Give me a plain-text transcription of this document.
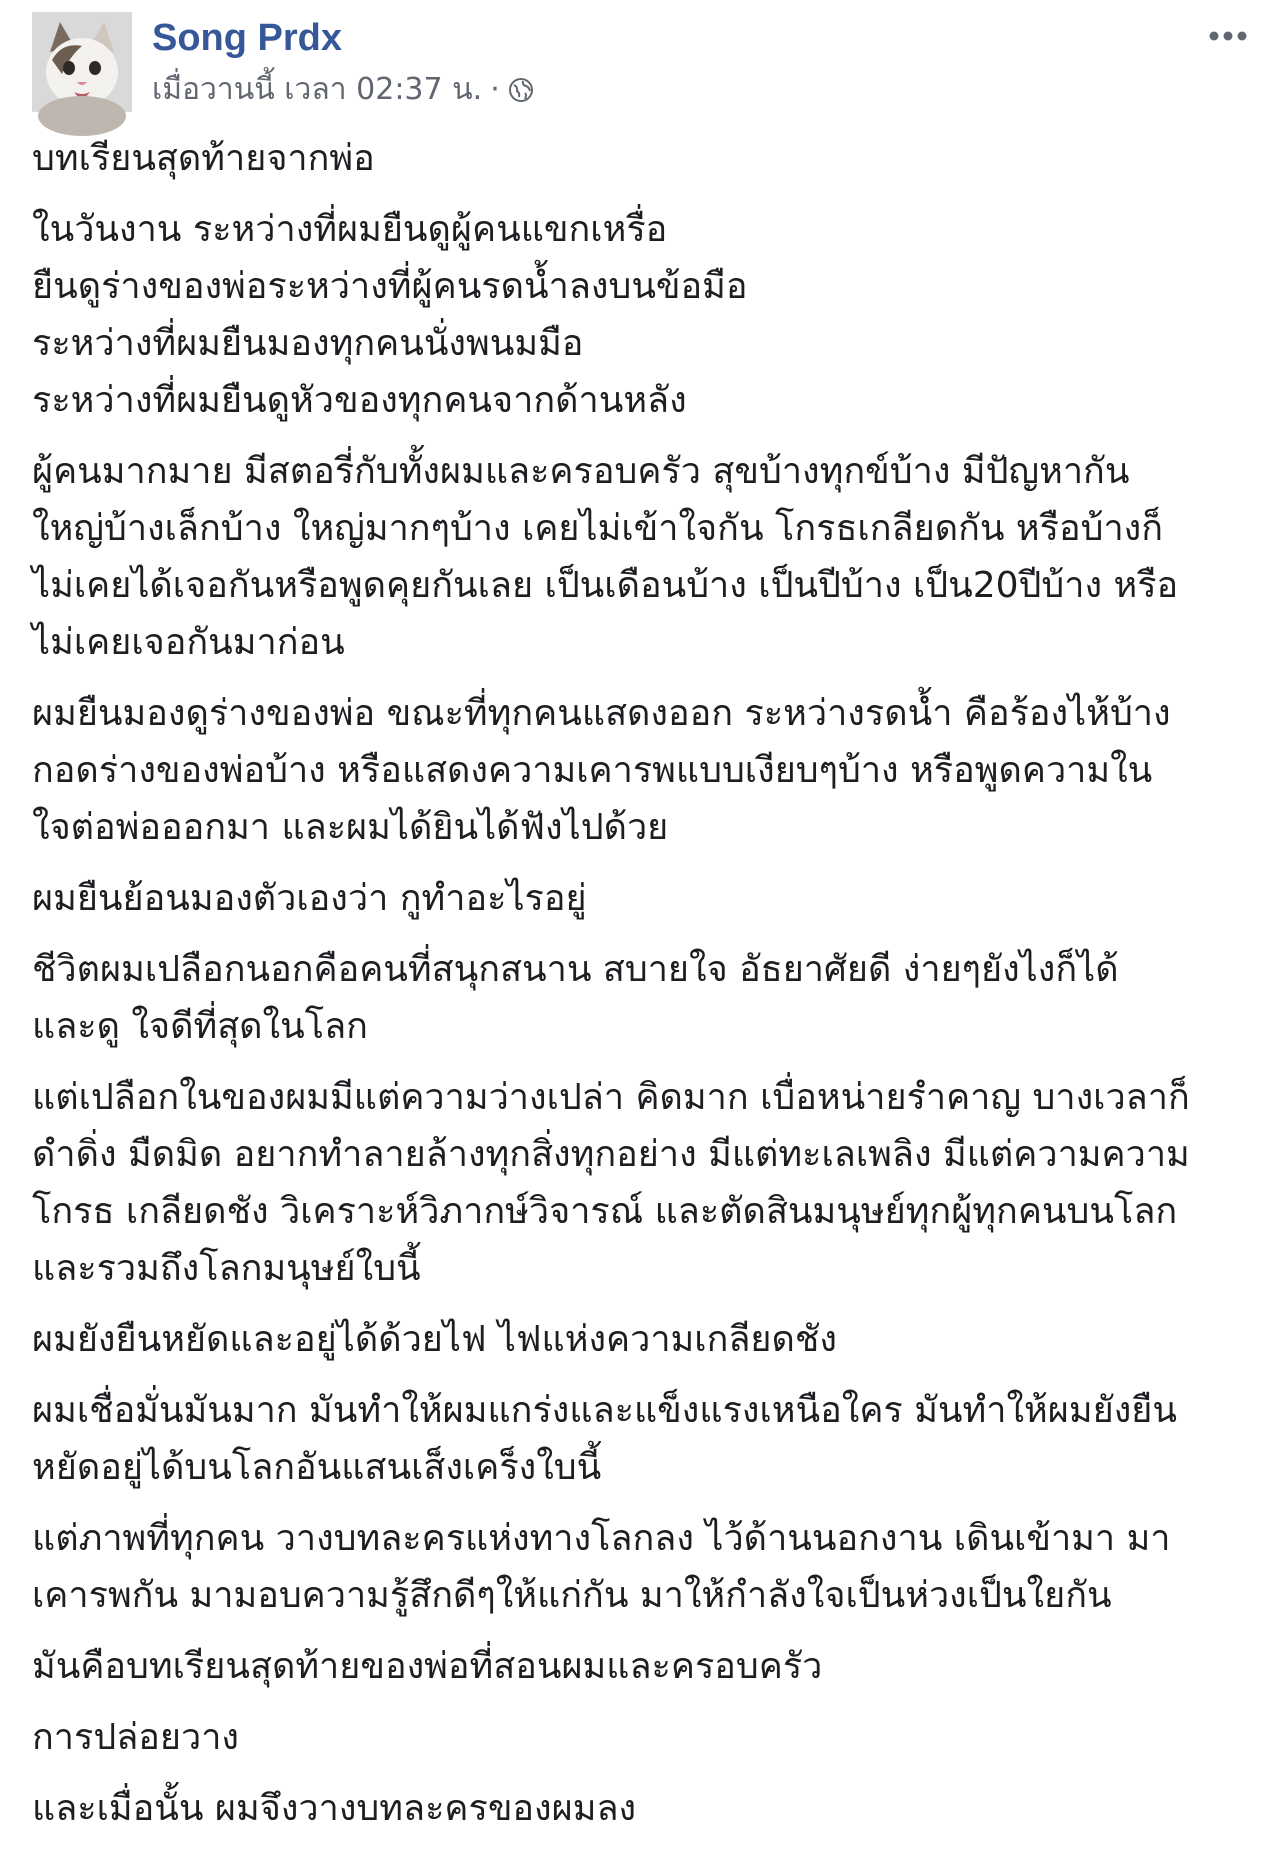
Song Prdx
เมื่อวานนี้ เวลา 02:37 น. ·

บทเรียนสุดท้ายจากพ่อ

ในวันงาน ระหว่างที่ผมยืนดูผู้คนแขกเหรื่อ
ยืนดูร่างของพ่อระหว่างที่ผู้คนรดน้ำลงบนข้อมือ
ระหว่างที่ผมยืนมองทุกคนนั่งพนมมือ
ระหว่างที่ผมยืนดูหัวของทุกคนจากด้านหลัง

ผู้คนมากมาย มีสตอรี่กับทั้งผมและครอบครัว สุขบ้างทุกข์บ้าง มีปัญหากัน
ใหญ่บ้างเล็กบ้าง ใหญ่มากๆบ้าง เคยไม่เข้าใจกัน โกรธเกลียดกัน หรือบ้างก็
ไม่เคยได้เจอกันหรือพูดคุยกันเลย เป็นเดือนบ้าง เป็นปีบ้าง เป็น20ปีบ้าง หรือ
ไม่เคยเจอกันมาก่อน

ผมยืนมองดูร่างของพ่อ ขณะที่ทุกคนแสดงออก ระหว่างรดน้ำ คือร้องไห้บ้าง
กอดร่างของพ่อบ้าง หรือแสดงความเคารพแบบเงียบๆบ้าง หรือพูดความใน
ใจต่อพ่อออกมา และผมได้ยินได้ฟังไปด้วย

ผมยืนย้อนมองตัวเองว่า กูทำอะไรอยู่

ชีวิตผมเปลือกนอกคือคนที่สนุกสนาน สบายใจ อัธยาศัยดี ง่ายๆยังไงก็ได้
และดู ใจดีที่สุดในโลก

แต่เปลือกในของผมมีแต่ความว่างเปล่า คิดมาก เบื่อหน่ายรำคาญ บางเวลาก็
ดำดิ่ง มืดมิด อยากทำลายล้างทุกสิ่งทุกอย่าง มีแต่ทะเลเพลิง มีแต่ความความ
โกรธ เกลียดชัง วิเคราะห์วิภากษ์วิจารณ์ และตัดสินมนุษย์ทุกผู้ทุกคนบนโลก
และรวมถึงโลกมนุษย์ใบนี้

ผมยังยืนหยัดและอยู่ได้ด้วยไฟ ไฟแห่งความเกลียดชัง

ผมเชื่อมั่นมันมาก มันทำให้ผมแกร่งและแข็งแรงเหนือใคร มันทำให้ผมยังยืน
หยัดอยู่ได้บนโลกอันแสนเส็งเคร็งใบนี้

แต่ภาพที่ทุกคน วางบทละครแห่งทางโลกลง ไว้ด้านนอกงาน เดินเข้ามา มา
เคารพกัน มามอบความรู้สึกดีๆให้แก่กัน มาให้กำลังใจเป็นห่วงเป็นใยกัน

มันคือบทเรียนสุดท้ายของพ่อที่สอนผมและครอบครัว

การปล่อยวาง

และเมื่อนั้น ผมจึงวางบทละครของผมลง
